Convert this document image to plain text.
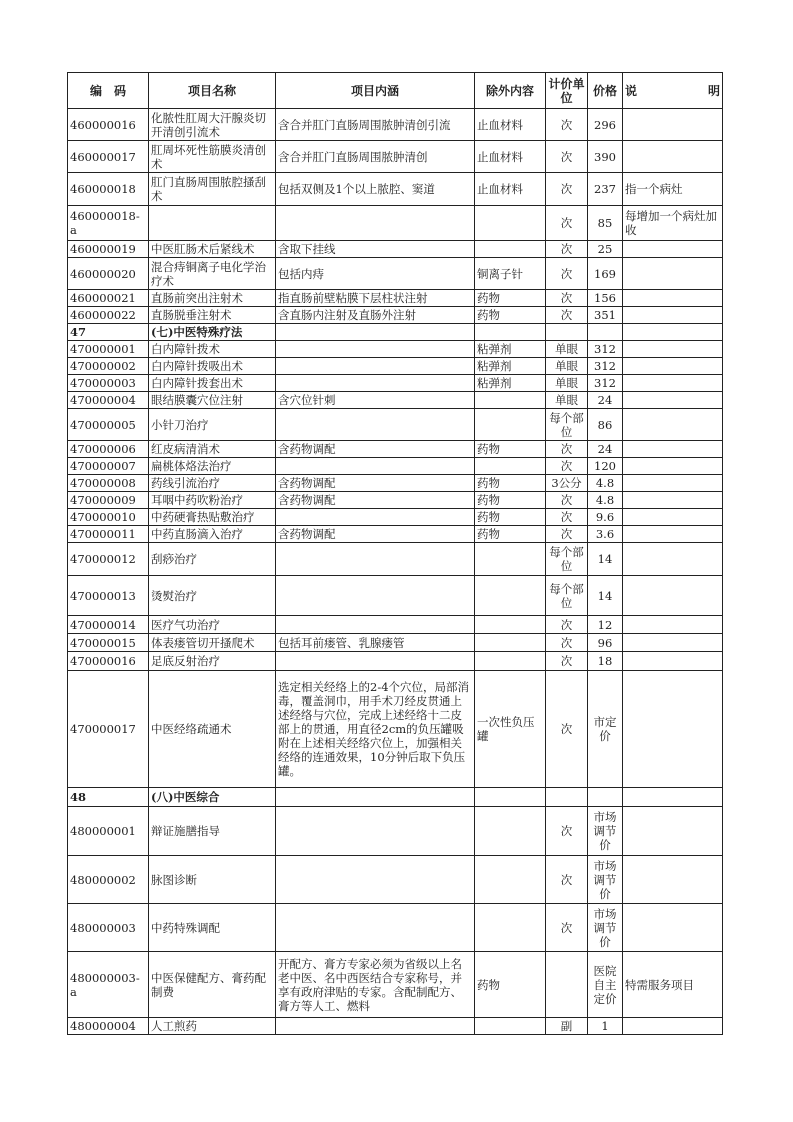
编　码	项目名称	项目内涵	除外内容	计价单位	价格	说　　　明

460000016	化脓性肛周大汗腺炎切开清创引流术	含合并肛门直肠周围脓肿清创引流	止血材料	次	296	

460000017	肛周坏死性筋膜炎清创术	含合并肛门直肠周围脓肿清创	止血材料	次	390	

460000018	肛门直肠周围脓腔搔刮术	包括双侧及1个以上脓腔、窦道	止血材料	次	237	指一个病灶

460000018-a				次	85	每增加一个病灶加收

460000019	中医肛肠术后紧线术	含取下挂线		次	25	

460000020	混合痔铜离子电化学治疗术	包括内痔	铜离子针	次	169	

460000021	直肠前突出注射术	指直肠前壁粘膜下层柱状注射	药物	次	156	

460000022	直肠脱垂注射术	含直肠内注射及直肠外注射	药物	次	351	

47	(七)中医特殊疗法					

470000001	白内障针拨术		粘弹剂	单眼	312	

470000002	白内障针拨吸出术		粘弹剂	单眼	312	

470000003	白内障针拨套出术		粘弹剂	单眼	312	

470000004	眼结膜囊穴位注射	含穴位针刺		单眼	24	

470000005	小针刀治疗			每个部位	86	

470000006	红皮病清消术	含药物调配	药物	次	24	

470000007	扁桃体烙法治疗			次	120	

470000008	药线引流治疗	含药物调配	药物	3公分	4.8	

470000009	耳咽中药吹粉治疗	含药物调配	药物	次	4.8	

470000010	中药硬膏热贴敷治疗		药物	次	9.6	

470000011	中药直肠滴入治疗	含药物调配	药物	次	3.6	

470000012	刮痧治疗			每个部位	14	

470000013	烫熨治疗			每个部位	14	

470000014	医疗气功治疗			次	12	

470000015	体表瘘管切开搔爬术	包括耳前瘘管、乳腺瘘管		次	96	

470000016	足底反射治疗			次	18	

470000017	中医经络疏通术	选定相关经络上的2-4个穴位，局部消毒，覆盖洞巾，用手术刀经皮贯通上述经络与穴位，完成上述经络十二皮部上的贯通，用直径2cm的负压罐吸附在上述相关经络穴位上，加强相关经络的连通效果，10分钟后取下负压罐。	一次性负压罐	次	市定价	

48	(八)中医综合					

480000001	辩证施膳指导			次	市场调节价	

480000002	脉图诊断			次	市场调节价	

480000003	中药特殊调配			次	市场调节价	

480000003-a	中医保健配方、膏药配制费	开配方、膏方专家必须为省级以上名老中医、名中西医结合专家称号，并享有政府津贴的专家。含配制配方、膏方等人工、燃料	药物		医院自主定价	特需服务项目

480000004	人工煎药			副	1	
